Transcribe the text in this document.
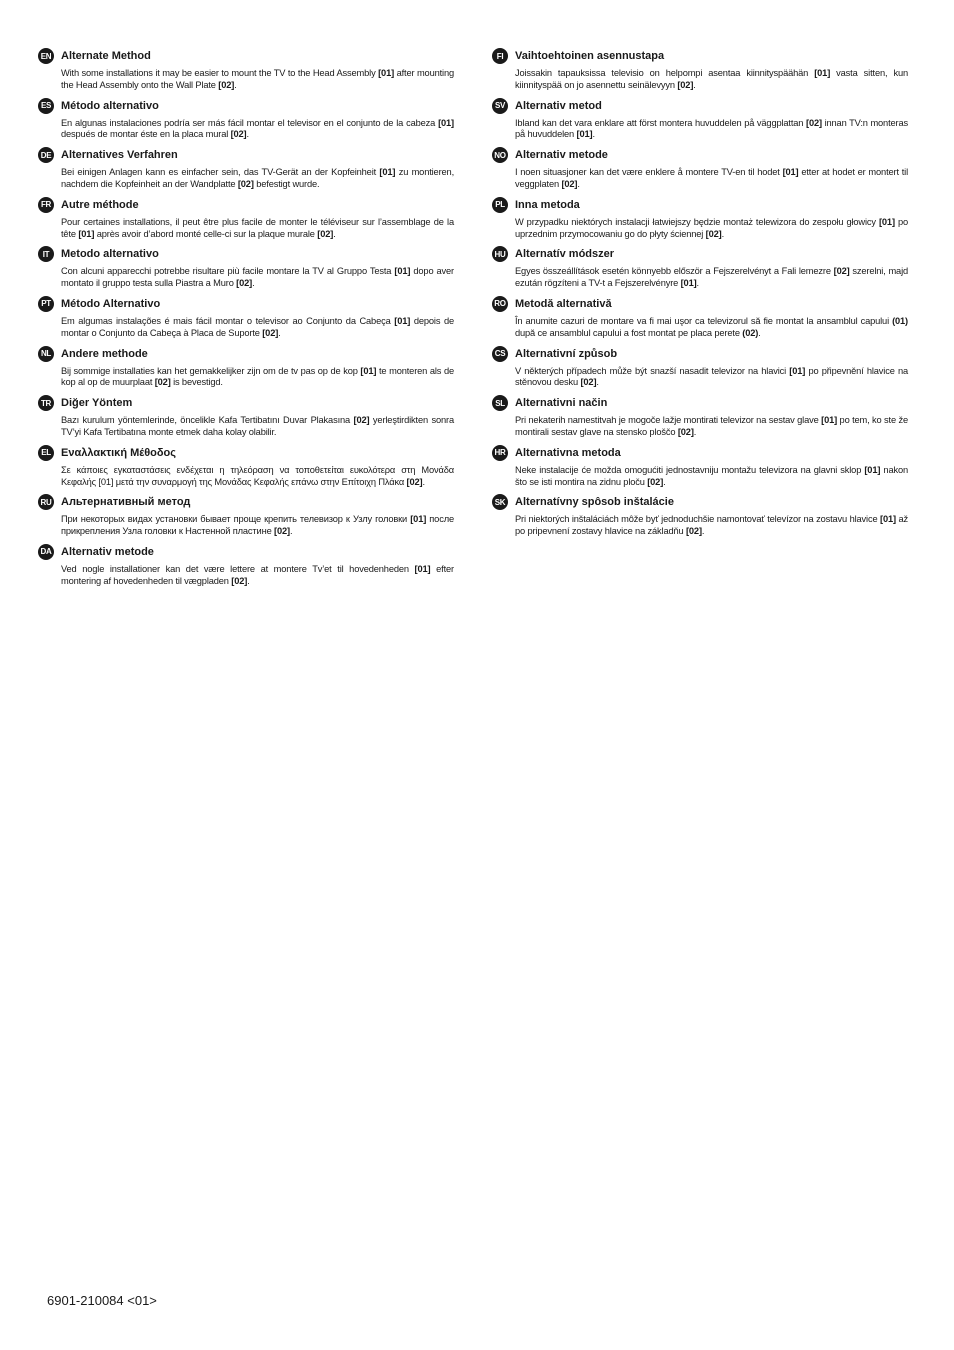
EN Alternate Method
With some installations it may be easier to mount the TV to the Head Assembly [01] after mounting the Head Assembly onto the Wall Plate [02].
ES Método alternativo
En algunas instalaciones podría ser más fácil montar el televisor en el conjunto de la cabeza [01] después de montar éste en la placa mural [02].
DE Alternatives Verfahren
Bei einigen Anlagen kann es einfacher sein, das TV-Gerät an der Kopfeinheit [01] zu montieren, nachdem die Kopfeinheit an der Wandplatte [02] befestigt wurde.
FR Autre méthode
Pour certaines installations, il peut être plus facile de monter le téléviseur sur l’assemblage de la tête [01] après avoir d’abord monté celle-ci sur la plaque murale [02].
IT	Metodo alternativo
Con alcuni apparecchi potrebbe risultare più facile montare la TV al Gruppo Testa [01] dopo aver montato il gruppo testa sulla Piastra a Muro [02].
PT Método Alternativo
Em algumas instalações é mais fácil montar o televisor ao Conjunto da Cabeça [01] depois de montar o Conjunto da Cabeça à Placa de Suporte [02].
NL Andere methode
Bij sommige installaties kan het gemakkelijker zijn om de tv pas op de kop [01] te monteren als de kop al op de muurplaat [02] is bevestigd.
TR Diğer Yöntem
Bazı kurulum yöntemlerinde, öncelikle Kafa Tertibatını Duvar Plakasına [02] yerleştirdikten sonra TV’yi Kafa Tertibatına monte etmek daha kolay olabilir.
EL Εναλλακτική Μέθοδος
Σε κάποιες εγκαταστάσεις ενδέχεται η τηλεόραση να τοποθετείται ευκολότερα στη Μονάδα Κεφαλής [01] μετά την συναρμογή της Μονάδας Κεφαλής επάνω στην Επίτοιχη Πλάκα [02].
RU Альтернативный метод
При некоторых видах установки бывает проще крепить телевизор к Узлу головки [01] после прикрепления Узла головки к Настенной пластине [02].
DA Alternativ metode
Ved nogle installationer kan det være lettere at montere Tv’et til hovedenheden [01] efter montering af hovedenheden til vægpladen [02].
FI	Vaihtoehtoinen asennustapa
Joissakin tapauksissa televisio on helpompi asentaa kiinnityspäähän [01] vasta sitten, kun kiinnityspää on jo asennettu seinälevyyn [02].
SV Alternativ metod
Ibland kan det vara enklare att först montera huvuddelen på väggplattan [02] innan TV:n monteras på huvuddelen [01].
NO Alternativ metode
I noen situasjoner kan det være enklere å montere TV-en til hodet [01] etter at hodet er montert til veggplaten [02].
PL Inna metoda
W przypadku niektórych instalacji łatwiejszy będzie montaż telewizora do zespołu głowicy [01] po uprzednim przymocowaniu go do płyty ściennej [02].
HU Alternatív módszer
Egyes összeállítások esetén könnyebb először a Fejszerelvényt a Fali lemezre [02] szerelni, majd ezután rögzíteni a TV-t a Fejszerelvényre [01].
RO Metodă alternativă
În anumite cazuri de montare va fi mai uşor ca televizorul să fie montat la ansamblul capului (01) după ce ansamblul capului a fost montat pe placa perete (02).
CS Alternativní způsob
V některých případech může být snazší nasadit televizor na hlavici [01] po připevnění hlavice na stěnovou desku [02].
SL Alternativni način
Pri nekaterih namestitvah je mogoče lažje montirati televizor na sestav glave [01] po tem, ko ste že montirali sestav glave na stensko ploščo [02].
HR Alternativna metoda
Neke instalacije će možda omogućiti jednostavniju montažu televizora na glavni sklop [01] nakon što se isti montira na zidnu ploču [02].
SK Alternatívny spôsob inštalácie
Pri niektorých inštaláciách môže byť jednoduchšie namontovať televízor na zostavu hlavice [01] až po pripevnení zostavy hlavice na základňu [02].
6901-210084 <01>
